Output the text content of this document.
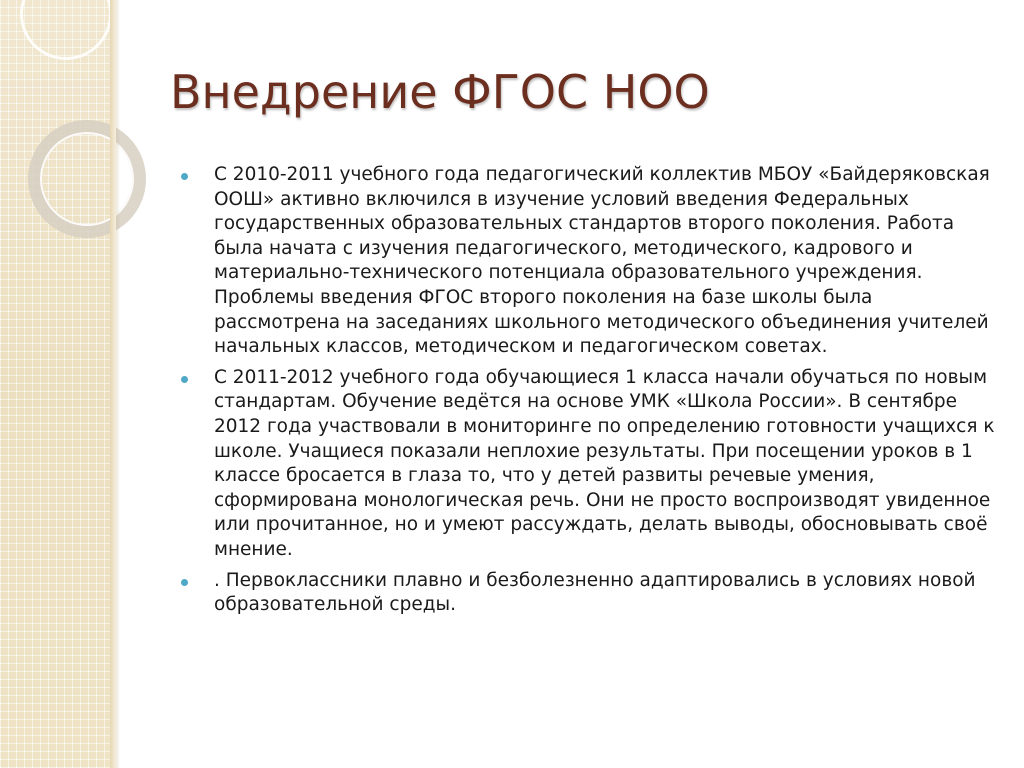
Внедрение ФГОС НОО
С 2010-2011 учебного года педагогический коллектив МБОУ «Байдеряковская ООШ» активно включился в изучение условий введения Федеральных государственных образовательных стандартов второго поколения. Работа была начата с изучения педагогического, методического, кадрового и материально-технического потенциала образовательного учреждения. Проблемы введения ФГОС второго поколения на базе школы была рассмотрена на заседаниях школьного методического объединения учителей начальных классов, методическом и педагогическом советах.
С 2011-2012 учебного года обучающиеся 1 класса начали обучаться по новым стандартам. Обучение ведётся на основе УМК «Школа России». В сентябре 2012 года участвовали в мониторинге по определению готовности учащихся к школе. Учащиеся показали неплохие результаты. При посещении уроков в 1 классе бросается в глаза то, что у детей развиты речевые умения, сформирована монологическая речь. Они не просто воспроизводят увиденное или прочитанное, но и умеют рассуждать, делать выводы, обосновывать своё мнение.
. Первоклассники плавно и безболезненно адаптировались в условиях новой образовательной среды.
